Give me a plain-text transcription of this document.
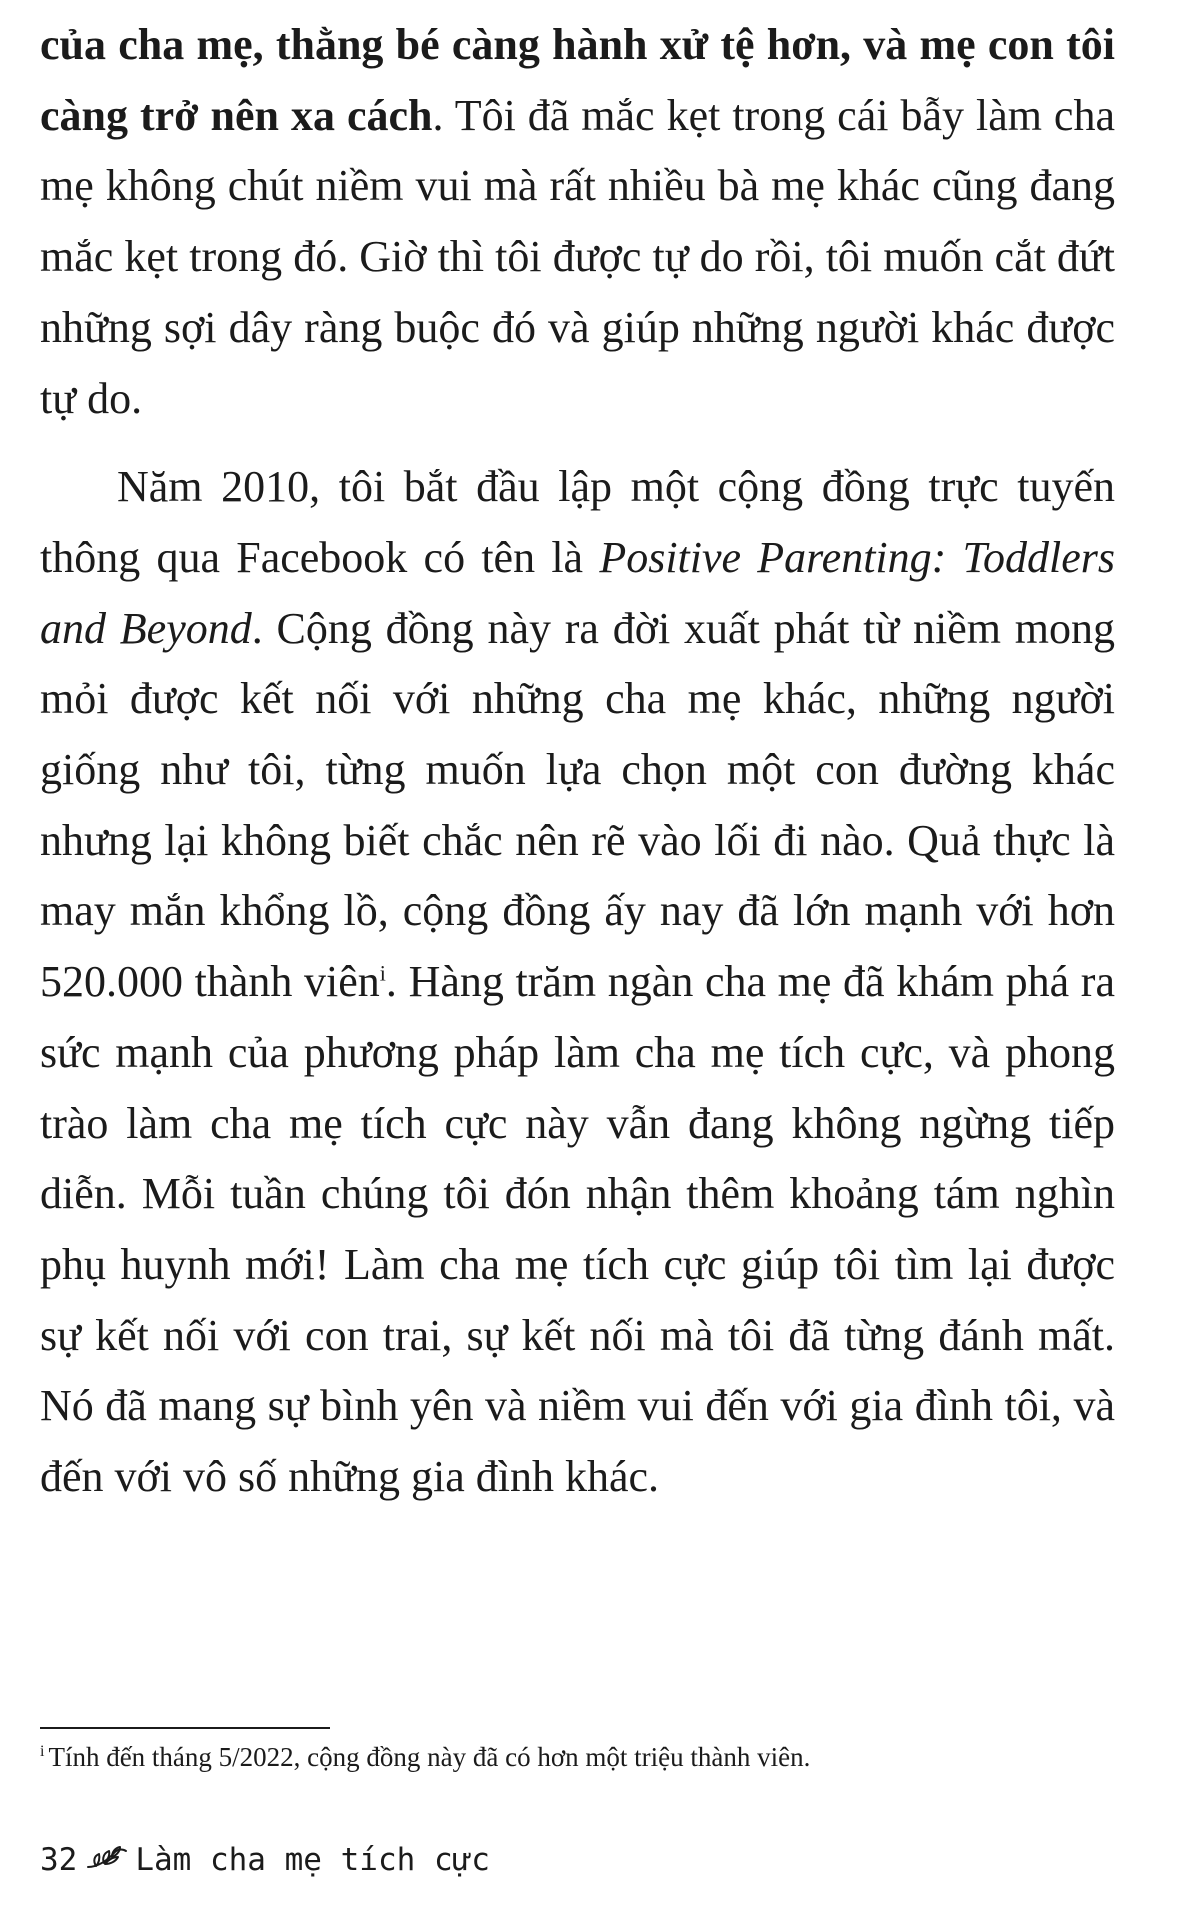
của cha mẹ, thằng bé càng hành xử tệ hơn, và mẹ con tôi càng trở nên xa cách. Tôi đã mắc kẹt trong cái bẫy làm cha mẹ không chút niềm vui mà rất nhiều bà mẹ khác cũng đang mắc kẹt trong đó. Giờ thì tôi được tự do rồi, tôi muốn cắt đứt những sợi dây ràng buộc đó và giúp những người khác được tự do.

Năm 2010, tôi bắt đầu lập một cộng đồng trực tuyến thông qua Facebook có tên là Positive Parenting: Toddlers and Beyond. Cộng đồng này ra đời xuất phát từ niềm mong mỏi được kết nối với những cha mẹ khác, những người giống như tôi, từng muốn lựa chọn một con đường khác nhưng lại không biết chắc nên rẽ vào lối đi nào. Quả thực là may mắn khổng lồ, cộng đồng ấy nay đã lớn mạnh với hơn 520.000 thành viên$^i$. Hàng trăm ngàn cha mẹ đã khám phá ra sức mạnh của phương pháp làm cha mẹ tích cực, và phong trào làm cha mẹ tích cực này vẫn đang không ngừng tiếp diễn. Mỗi tuần chúng tôi đón nhận thêm khoảng tám nghìn phụ huynh mới! Làm cha mẹ tích cực giúp tôi tìm lại được sự kết nối với con trai, sự kết nối mà tôi đã từng đánh mất. Nó đã mang sự bình yên và niềm vui đến với gia đình tôi, và đến với vô số những gia đình khác.

$^i$ Tính đến tháng 5/2022, cộng đồng này đã có hơn một triệu thành viên.
32 Làm cha mẹ tích cực
